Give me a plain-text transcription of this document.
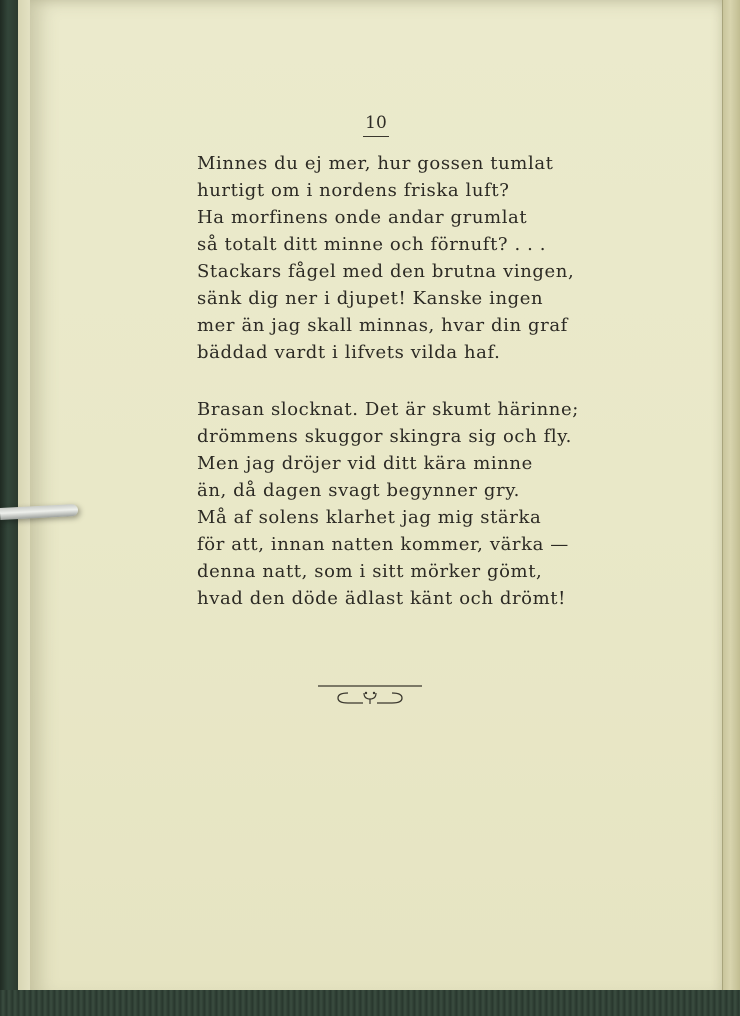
10
Minnes du ej mer, hur gossen tumlat
hurtigt om i nordens friska luft?
Ha morfinens onde andar grumlat
så totalt ditt minne och förnuft? . . .
Stackars fågel med den brutna vingen,
sänk dig ner i djupet! Kanske ingen
mer än jag skall minnas, hvar din graf
bäddad vardt i lifvets vilda haf.
Brasan slocknat. Det är skumt härinne;
drömmens skuggor skingra sig och fly.
Men jag dröjer vid ditt kära minne
än, då dagen svagt begynner gry.
Må af solens klarhet jag mig stärka
för att, innan natten kommer, värka —
denna natt, som i sitt mörker gömt,
hvad den döde ädlast känt och drömt!
